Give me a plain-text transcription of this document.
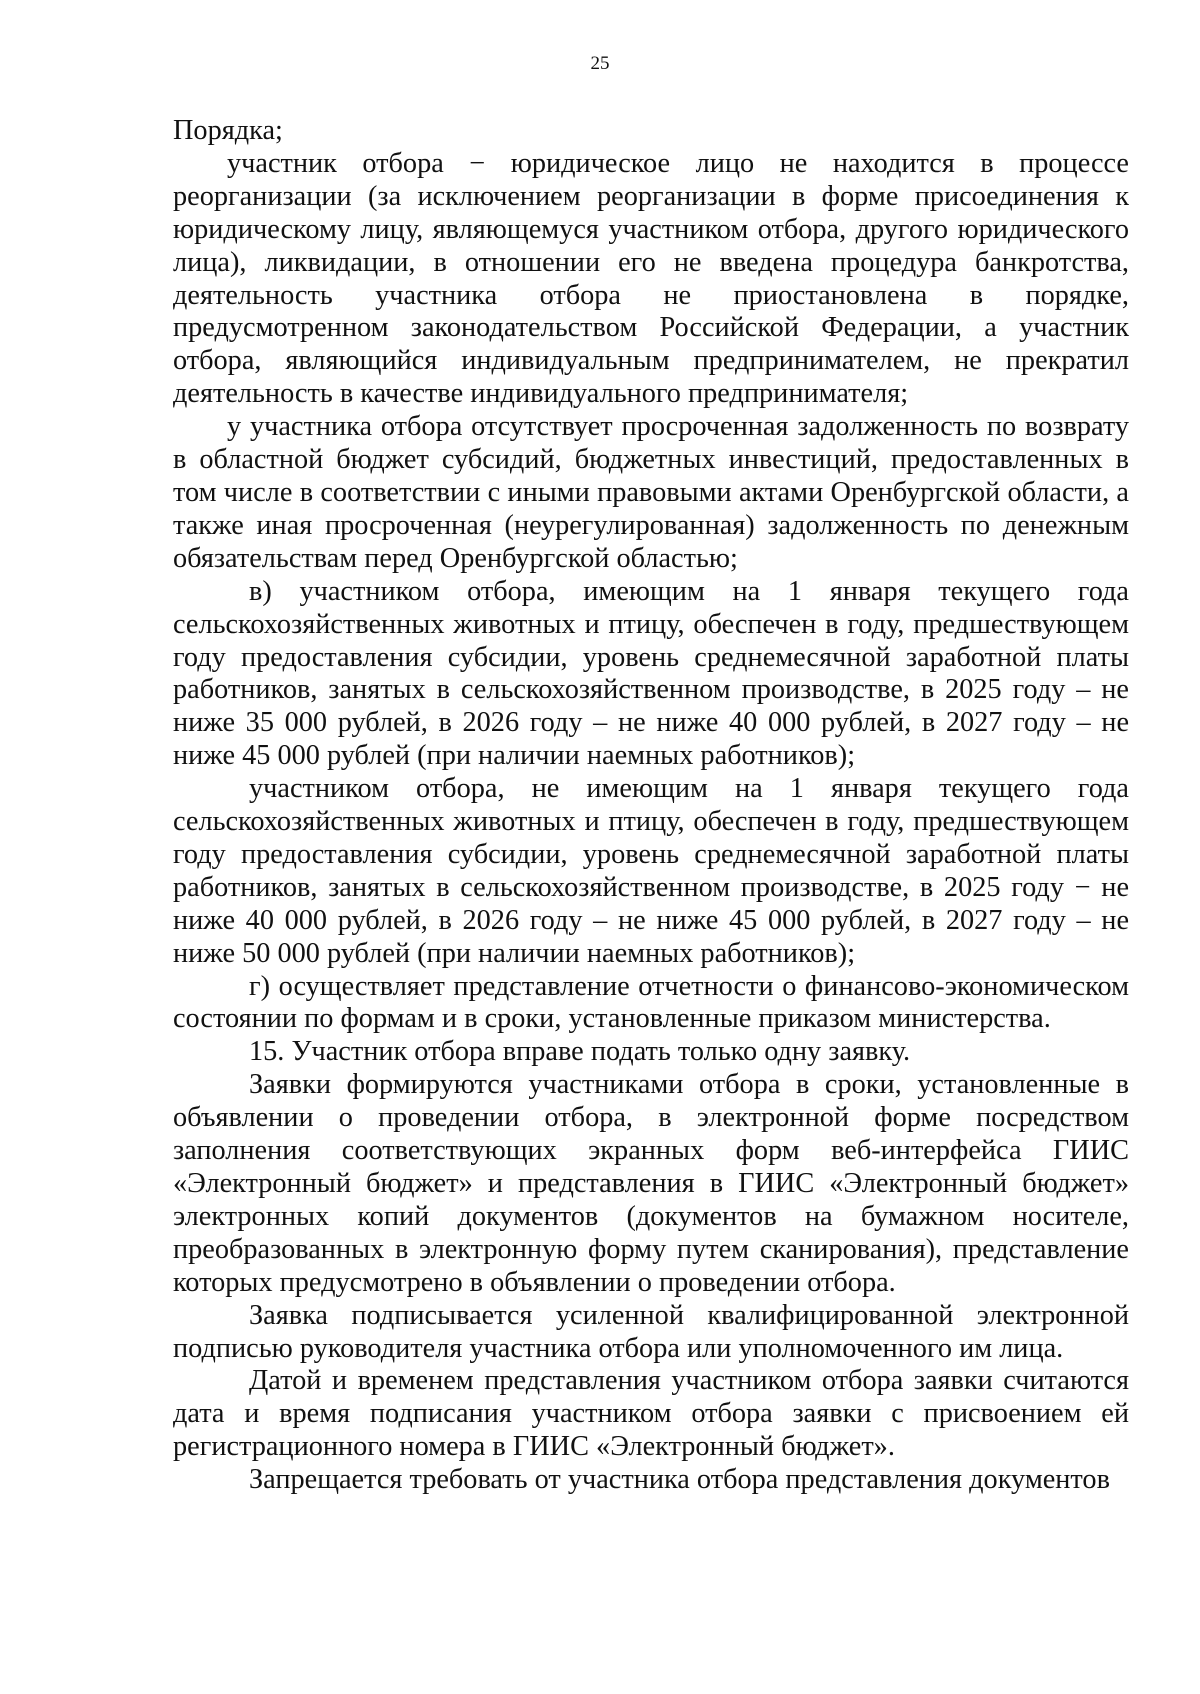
25

Порядка;

участник отбора − юридическое лицо не находится в процессе реорганизации (за исключением реорганизации в форме присоединения к юридическому лицу, являющемуся участником отбора, другого юридического лица), ликвидации, в отношении его не введена процедура банкротства, деятельность участника отбора не приостановлена в порядке, предусмотренном законодательством Российской Федерации, а участник отбора, являющийся индивидуальным предпринимателем, не прекратил деятельность в качестве индивидуального предпринимателя;

у участника отбора отсутствует просроченная задолженность по возврату в областной бюджет субсидий, бюджетных инвестиций, предоставленных в том числе в соответствии с иными правовыми актами Оренбургской области, а также иная просроченная (неурегулированная) задолженность по денежным обязательствам перед Оренбургской областью;

в) участником отбора, имеющим на 1 января текущего года сельскохозяйственных животных и птицу, обеспечен в году, предшествующем году предоставления субсидии, уровень среднемесячной заработной платы работников, занятых в сельскохозяйственном производстве, в 2025 году – не ниже 35 000 рублей, в 2026 году – не ниже 40 000 рублей, в 2027 году – не ниже 45 000 рублей (при наличии наемных работников);

участником отбора, не имеющим на 1 января текущего года сельскохозяйственных животных и птицу, обеспечен в году, предшествующем году предоставления субсидии, уровень среднемесячной заработной платы работников, занятых в сельскохозяйственном производстве, в 2025 году − не ниже 40 000 рублей, в 2026 году – не ниже 45 000 рублей, в 2027 году – не ниже 50 000 рублей (при наличии наемных работников);

г) осуществляет представление отчетности о финансово-экономическом состоянии по формам и в сроки, установленные приказом министерства.

15. Участник отбора вправе подать только одну заявку.

Заявки формируются участниками отбора в сроки, установленные в объявлении о проведении отбора, в электронной форме посредством заполнения соответствующих экранных форм веб-интерфейса ГИИС «Электронный бюджет» и представления в ГИИС «Электронный бюджет» электронных копий документов (документов на бумажном носителе, преобразованных в электронную форму путем сканирования), представление которых предусмотрено в объявлении о проведении отбора.

Заявка подписывается усиленной квалифицированной электронной подписью руководителя участника отбора или уполномоченного им лица.

Датой и временем представления участником отбора заявки считаются дата и время подписания участником отбора заявки с присвоением ей регистрационного номера в ГИИС «Электронный бюджет».

Запрещается требовать от участника отбора представления документов
